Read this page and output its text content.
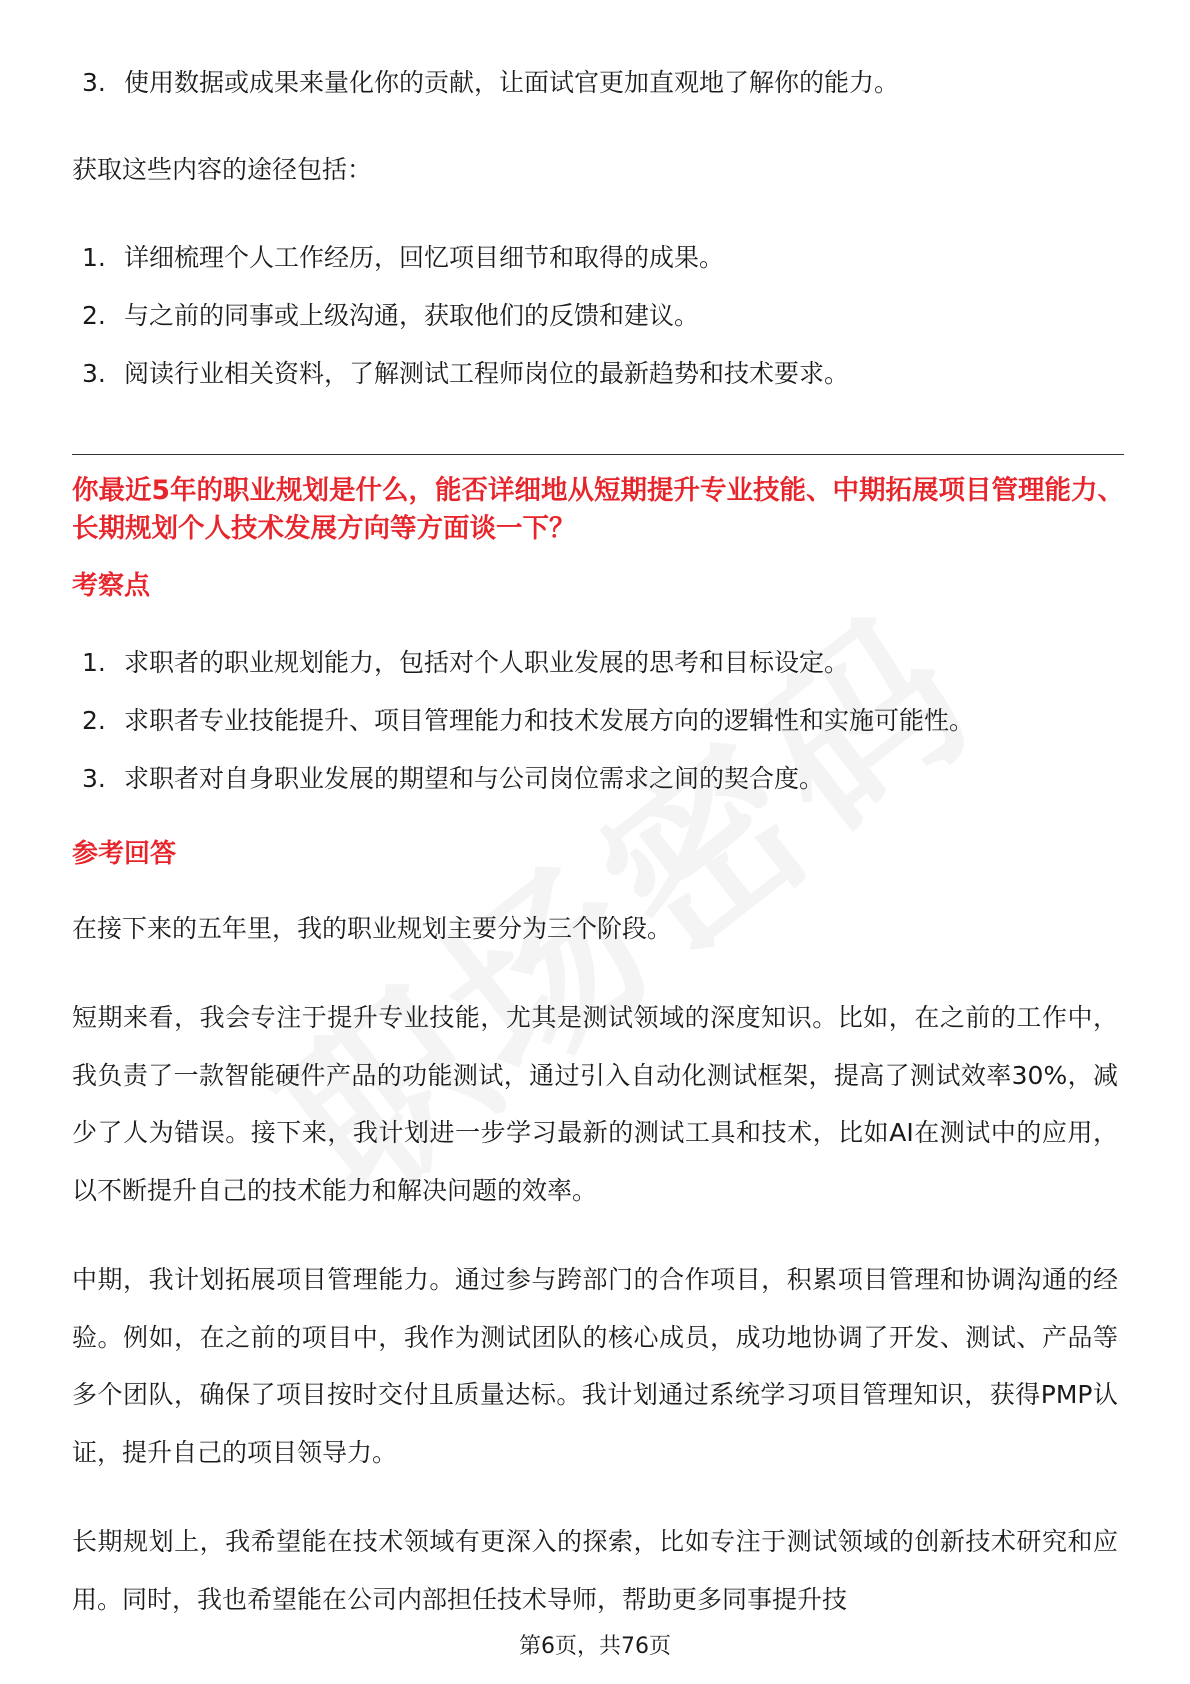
3. 使用数据或成果来量化你的贡献，让面试官更加直观地了解你的能力。

获取这些内容的途径包括：

1. 详细梳理个人工作经历，回忆项目细节和取得的成果。
2. 与之前的同事或上级沟通，获取他们的反馈和建议。
3. 阅读行业相关资料，了解测试工程师岗位的最新趋势和技术要求。

你最近5年的职业规划是什么，能否详细地从短期提升专业技能、中期拓展项目管理能力、长期规划个人技术发展方向等方面谈一下？

考察点

1. 求职者的职业规划能力，包括对个人职业发展的思考和目标设定。
2. 求职者专业技能提升、项目管理能力和技术发展方向的逻辑性和实施可能性。
3. 求职者对自身职业发展的期望和与公司岗位需求之间的契合度。

参考回答

在接下来的五年里，我的职业规划主要分为三个阶段。

短期来看，我会专注于提升专业技能，尤其是测试领域的深度知识。比如，在之前的工作中，我负责了一款智能硬件产品的功能测试，通过引入自动化测试框架，提高了测试效率30%，减少了人为错误。接下来，我计划进一步学习最新的测试工具和技术，比如AI在测试中的应用，以不断提升自己的技术能力和解决问题的效率。

中期，我计划拓展项目管理能力。通过参与跨部门的合作项目，积累项目管理和协调沟通的经验。例如，在之前的项目中，我作为测试团队的核心成员，成功地协调了开发、测试、产品等多个团队，确保了项目按时交付且质量达标。我计划通过系统学习项目管理知识，获得PMP认证，提升自己的项目领导力。

长期规划上，我希望能在技术领域有更深入的探索，比如专注于测试领域的创新技术研究和应用。同时，我也希望能在公司内部担任技术导师，帮助更多同事提升技

第6页，共76页
